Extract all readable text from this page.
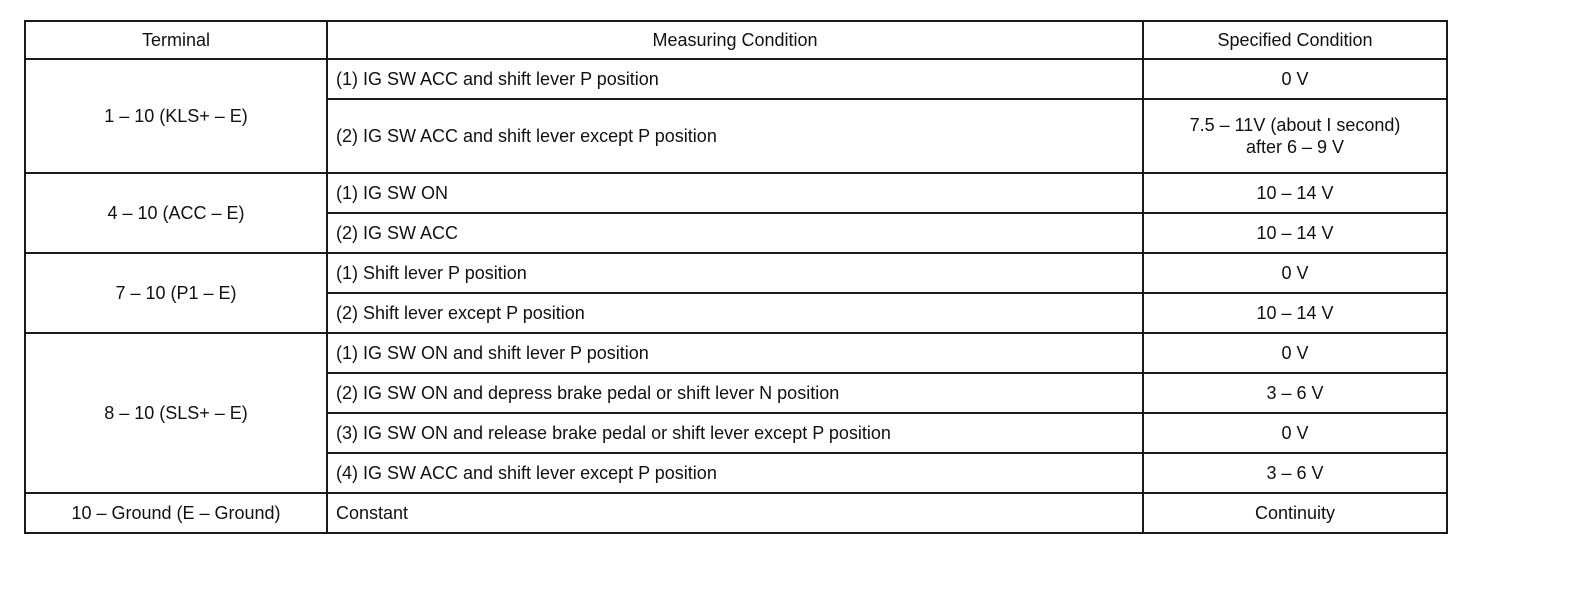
Terminal	Measuring Condition	Specified Condition
1 – 10 (KLS+ – E)	(1) IG SW ACC and shift lever P position	0 V

	(2) IG SW ACC and shift lever except P position	7.5 – 11V (about I second)
after 6 – 9 V

4 – 10 (ACC – E)	(1) IG SW ON	10 – 14 V

	(2) IG SW ACC	10 – 14 V

7 – 10 (P1 – E)	(1) Shift lever P position	0 V

	(2) Shift lever except P position	10 – 14 V

8 – 10 (SLS+ – E)	(1) IG SW ON and shift lever P position	0 V

	(2) IG SW ON and depress brake pedal or shift lever N position	3 – 6 V

	(3) IG SW ON and release brake pedal or shift lever except P position	0 V

	(4) IG SW ACC and shift lever except P position	3 – 6 V

10 – Ground (E – Ground)	Constant	Continuity
